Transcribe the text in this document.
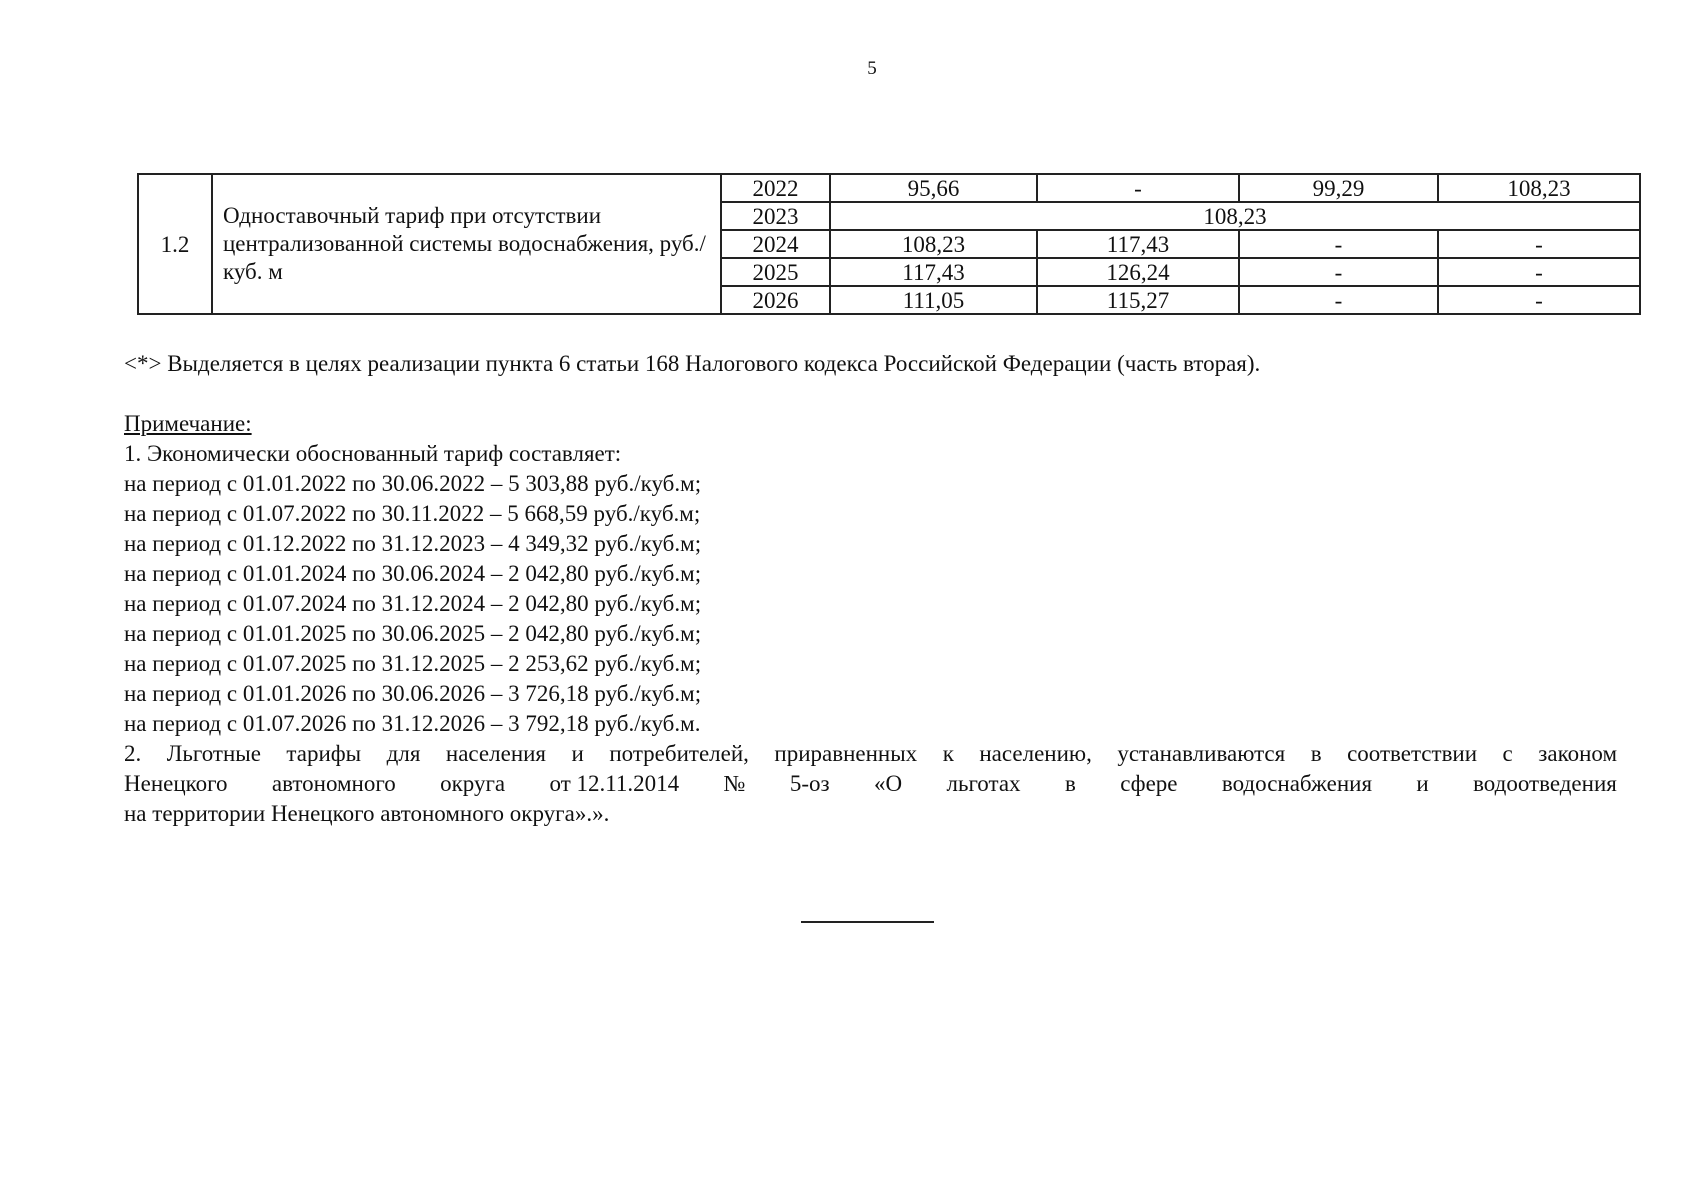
5
1.2	Одноставочный тариф при отсутствии централизованной системы водоснабжения, руб./куб. м	2022	95,66	-	99,29	108,23
		2023	108,23			
		2024	108,23	117,43	-	-
		2025	117,43	126,24	-	-
		2026	111,05	115,27	-	-
<*> Выделяется в целях реализации пункта 6 статьи 168 Налогового кодекса Российской Федерации (часть вторая).

Примечание:

1. Экономически обоснованный тариф составляет:

на период с 01.01.2022 по 30.06.2022 – 5 303,88 руб./куб.м;

на период с 01.07.2022 по 30.11.2022 – 5 668,59 руб./куб.м;

на период с 01.12.2022 по 31.12.2023 – 4 349,32 руб./куб.м;

на период с 01.01.2024 по 30.06.2024 – 2 042,80 руб./куб.м;

на период с 01.07.2024 по 31.12.2024 – 2 042,80 руб./куб.м;

на период с 01.01.2025 по 30.06.2025 – 2 042,80 руб./куб.м;

на период с 01.07.2025 по 31.12.2025 – 2 253,62 руб./куб.м;

на период с 01.01.2026 по 30.06.2026 – 3 726,18 руб./куб.м;

на период с 01.07.2026 по 31.12.2026 – 3 792,18 руб./куб.м.

2. Льготные тарифы для населения и потребителей, приравненных к населению, устанавливаются в соответствии с законом

Ненецкого автономного округа от 12.11.2014 № 5-оз «О льготах в сфере водоснабжения и водоотведения

на территории Ненецкого автономного округа».».
